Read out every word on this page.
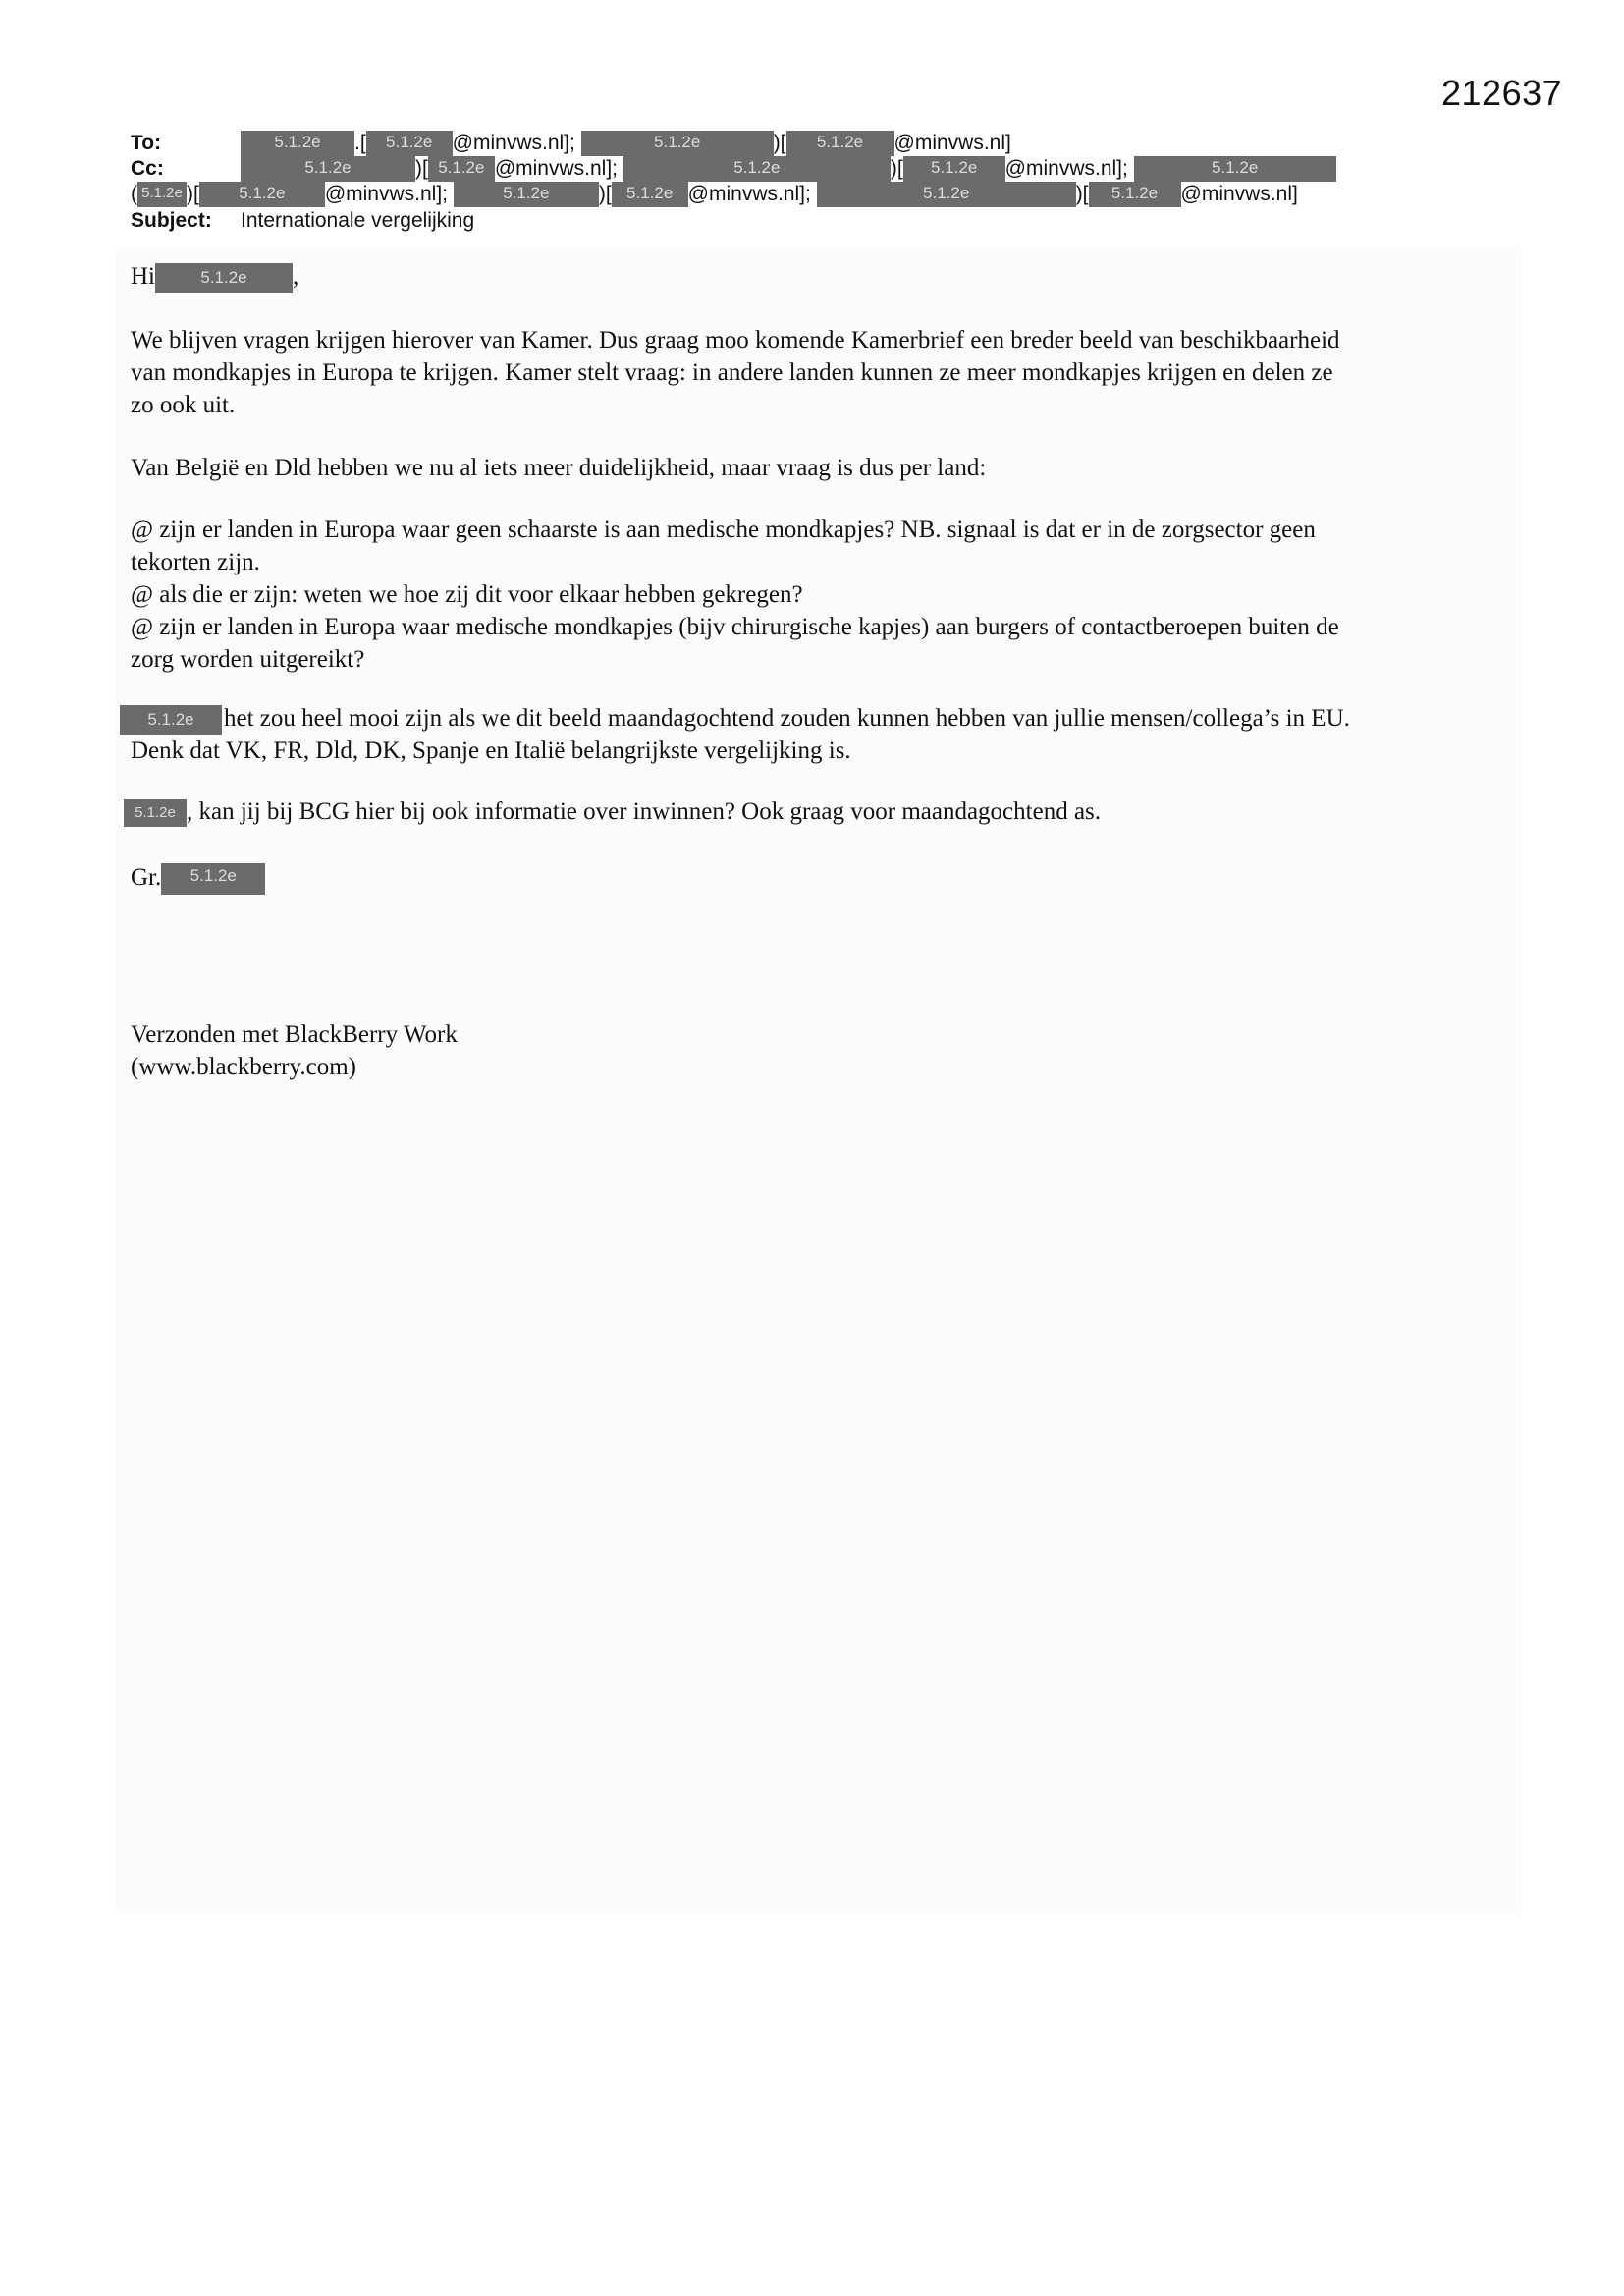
212637
To:	5.1.2e .[ 5.1.2e @minvws.nl];	5.1.2e	)[ 5.1.2e @minvws.nl]
Cc:	5.1.2e	)[ 5.1.2e @minvws.nl];	5.1.2e	)[ 5.1.2e @minvws.nl];	5.1.2e
( 5.1.2e )[ 5.1.2e @minvws.nl];	5.1.2e )[ 5.1.2e @minvws.nl];	5.1.2e	)[ 5.1.2e @minvws.nl]
Subject: Internationale vergelijking
Hi	5.1.2e ,
We blijven vragen krijgen hierover van Kamer. Dus graag moo komende Kamerbrief een breder beeld van beschikbaarheid
van mondkapjes in Europa te krijgen. Kamer stelt vraag: in andere landen kunnen ze meer mondkapjes krijgen en delen ze
zo ook uit.
Van België en Dld hebben we nu al iets meer duidelijkheid, maar vraag is dus per land:
@ zijn er landen in Europa waar geen schaarste is aan medische mondkapjes? NB. signaal is dat er in de zorgsector geen
tekorten zijn.
@ als die er zijn: weten we hoe zij dit voor elkaar hebben gekregen?
@ zijn er landen in Europa waar medische mondkapjes (bijv chirurgische kapjes) aan burgers of contactberoepen buiten de
zorg worden uitgereikt?
5.1.2e het zou heel mooi zijn als we dit beeld maandagochtend zouden kunnen hebben van jullie mensen/collega’s in EU.
Denk dat VK, FR, Dld, DK, Spanje en Italië belangrijkste vergelijking is.
5.1.2e , kan jij bij BCG hier bij ook informatie over inwinnen? Ook graag voor maandagochtend as.
Gr. 5.1.2e
Verzonden met BlackBerry Work
(www.blackberry.com)
